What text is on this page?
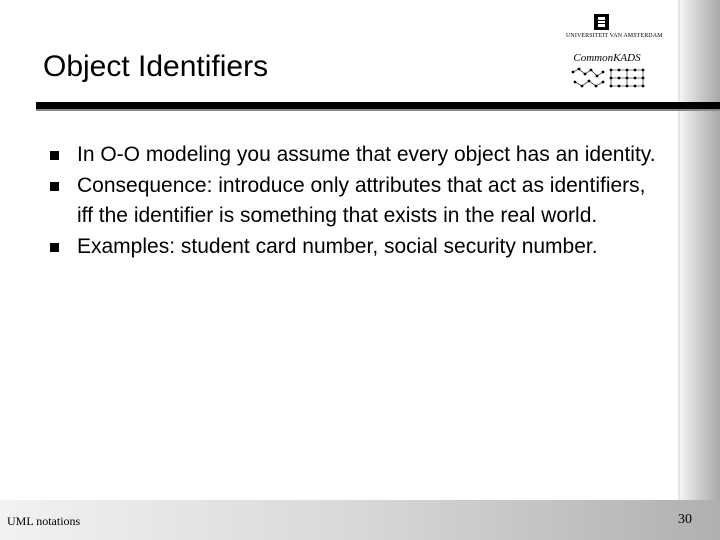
Object Identifiers
UNIVERSITEIT VAN AMSTERDAM
CommonKADS
In O-O modeling you assume that every object has an identity.
Consequence: introduce only attributes that act as identifiers, iff the identifier is something that exists in the real world.
Examples: student card number, social security number.
UML notations	30
